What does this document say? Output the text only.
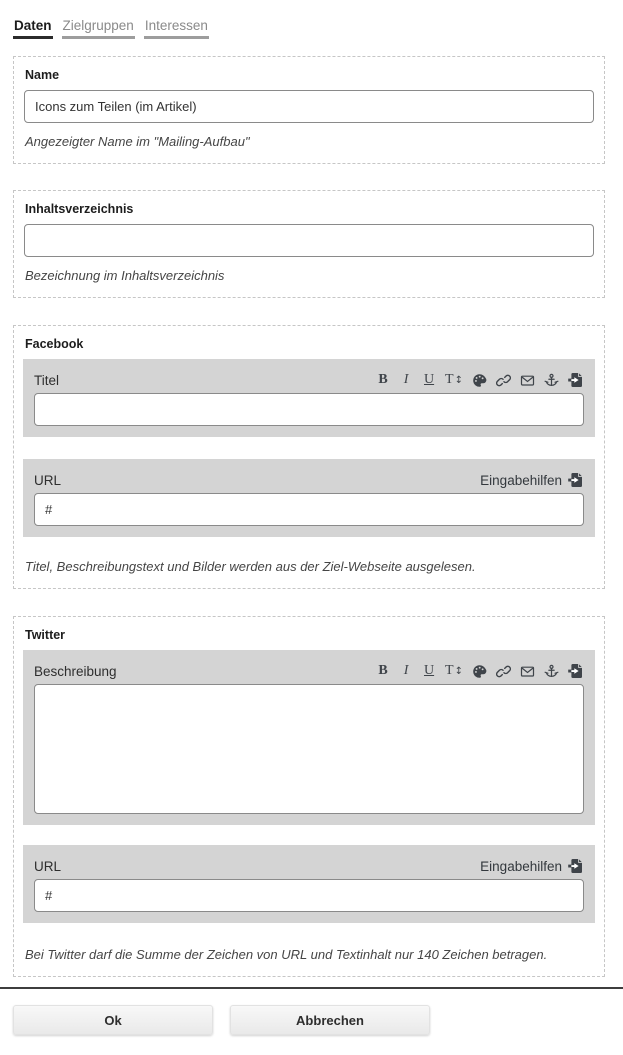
Daten Zielgruppen Interessen
Name
Icons zum Teilen (im Artikel)
Angezeigter Name im "Mailing-Aufbau"
Inhaltsverzeichnis
Bezeichnung im Inhaltsverzeichnis
Facebook
Titel	B	I	U T ↕
URL	Eingabehilfen
#
Titel, Beschreibungstext und Bilder werden aus der Ziel-Webseite ausgelesen.
Twitter
Beschreibung	B	I	U T ↕
URL	Eingabehilfen
#
Bei Twitter darf die Summe der Zeichen von URL und Textinhalt nur 140 Zeichen betragen.
Ok	Abbrechen
